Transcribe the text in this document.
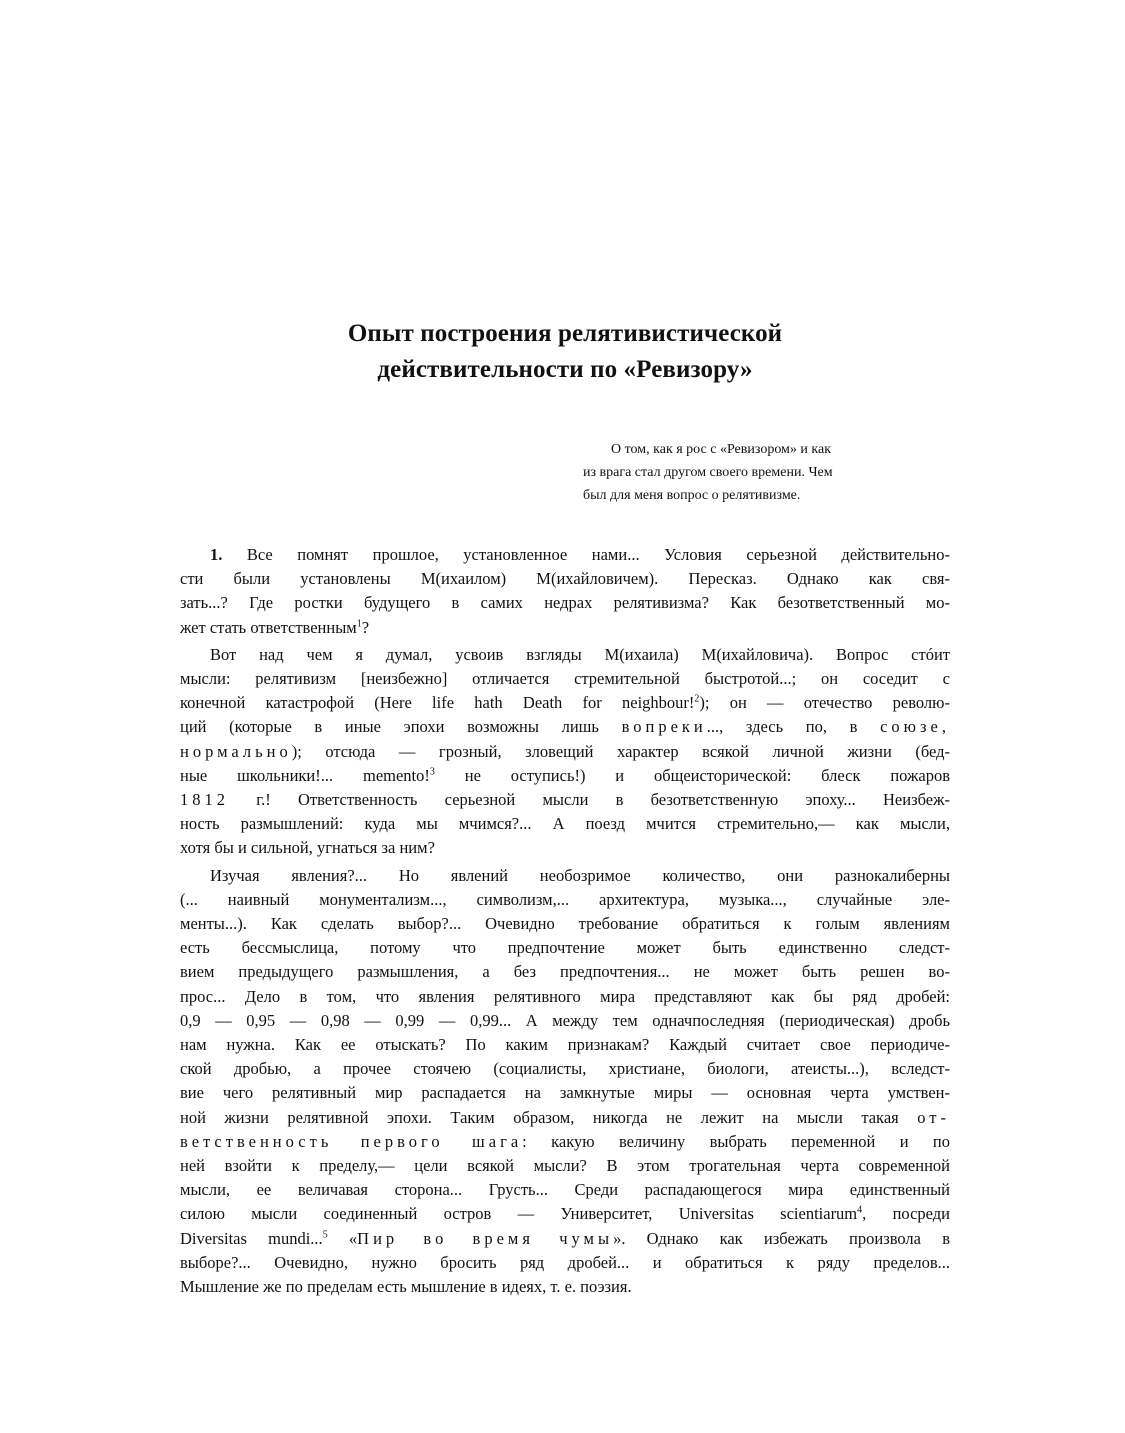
Опыт построения релятивистической
действительности по «Ревизору»
О том, как я рос с «Ревизором» и как
из врага стал другом своего времени. Чем
был для меня вопрос о релятивизме.
1. Все помнят прошлое, установленное нами... Условия серьезной действительно-
сти были установлены М(ихаилом) М(ихайловичем). Пересказ. Однако как свя-
зать...? Где ростки будущего в самих недрах релятивизма? Как безответственный мо-
жет стать ответственным$^1$?
Вот над чем я думал, усвоив взгляды М(ихаила) М(ихайловича). Вопрос стóит
мысли: релятивизм [неизбежно] отличается стремительной быстротой...; он соседит с
конечной катастрофой (Here life hath Death for neighbour!$^2$); он — отечество револю-
ций (которые в иные эпохи возможны лишь вопреки..., здесь по, в союзе,
нормально); отсюда — грозный, зловещий характер всякой личной жизни (бед-
ные школьники!... memento!$^3$ не оступись!) и общеисторической: блеск пожаров
1812 г.! Ответственность серьезной мысли в безответственную эпоху... Неизбеж-
ность размышлений: куда мы мчимся?... А поезд мчится стремительно,— как мысли,
хотя бы и сильной, угнаться за ним?
Изучая явления?... Но явлений необозримое количество, они разнокалиберны
(... наивный монументализм..., символизм,... архитектура, музыка..., случайные эле-
менты...). Как сделать выбор?... Очевидно требование обратиться к голым явлениям
есть бессмыслица, потому что предпочтение может быть единственно следст-
вием предыдущего размышления, а без предпочтения... не может быть решен во-
прос... Дело в том, что явления релятивного мира представляют как бы ряд дробей:
0,9 — 0,95 — 0,98 — 0,99 — 0,99... А между тем одначпоследняя (периодическая) дробь
нам нужна. Как ее отыскать? По каким признакам? Каждый считает свое периодиче-
ской дробью, а прочее стоячею (социалисты, христиане, биологи, атеисты...), вследст-
вие чего релятивный мир распадается на замкнутые миры — основная черта умствен-
ной жизни релятивной эпохи. Таким образом, никогда не лежит на мысли такая от-
ветственность первого шага: какую величину выбрать переменной и по
ней взойти к пределу,— цели всякой мысли? В этом трогательная черта современной
мысли, ее величавая сторона... Грусть... Среди распадающегося мира единственный
силою мысли соединенный остров — Университет, Universitas scientiarum$^4$, посреди
Diversitas mundi...$^5$ «Пир во время чумы». Однако как избежать произвола в
выборе?... Очевидно, нужно бросить ряд дробей... и обратиться к ряду пределов...
Мышление же по пределам есть мышление в идеях, т. е. поэзия.
